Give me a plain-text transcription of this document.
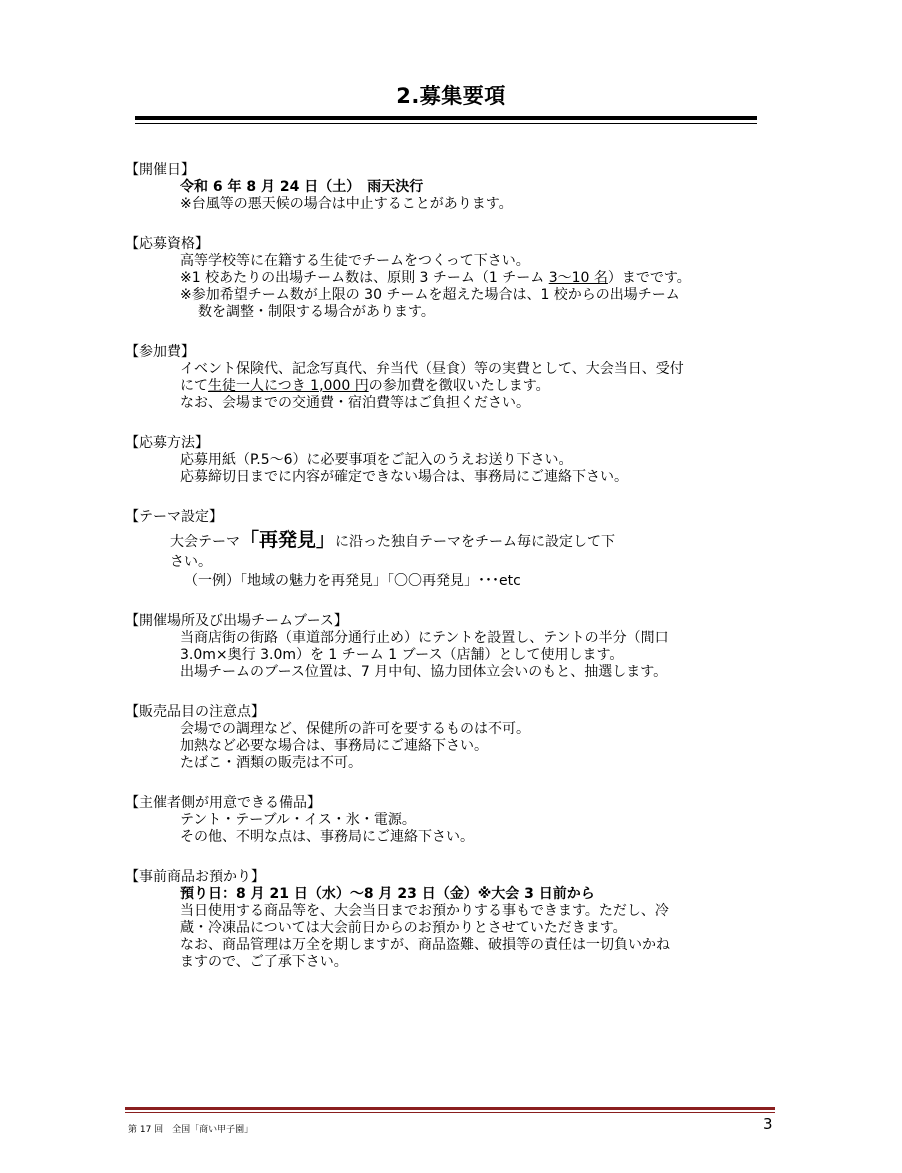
2.募集要項
【開催日】
令和 6 年 8 月 24 日（土）　雨天決行
※台風等の悪天候の場合は中止することがあります。
【応募資格】
高等学校等に在籍する生徒でチームをつくって下さい。
※1 校あたりの出場チーム数は、原則 3 チーム（1 チーム 3～10 名）までです。
※参加希望チーム数が上限の 30 チームを超えた場合は、1 校からの出場チーム
数を調整・制限する場合があります。
【参加費】
イベント保険代、記念写真代、弁当代（昼食）等の実費として、大会当日、受付
にて生徒一人につき 1,000 円の参加費を徴収いたします。
なお、会場までの交通費・宿泊費等はご負担ください。
【応募方法】
応募用紙（P.5～6）に必要事項をご記入のうえお送り下さい。
応募締切日までに内容が確定できない場合は、事務局にご連絡下さい。
【テーマ設定】
大会テーマ「再発見」に沿った独自テーマをチーム毎に設定して下
さい。
（一例）「地域の魅力を再発見」「〇〇再発見」･･･etc
【開催場所及び出場チームブース】
当商店街の街路（車道部分通行止め）にテントを設置し、テントの半分（間口
3.0m×奥行 3.0m）を 1 チーム 1 ブース（店舗）として使用します。
出場チームのブース位置は、7 月中旬、協力団体立会いのもと、抽選します。
【販売品目の注意点】
会場での調理など、保健所の許可を要するものは不可。
加熱など必要な場合は、事務局にご連絡下さい。
たばこ・酒類の販売は不可。
【主催者側が用意できる備品】
テント・テーブル・イス・氷・電源。
その他、不明な点は、事務局にご連絡下さい。
【事前商品お預かり】
預り日：8 月 21 日（水）～8 月 23 日（金）※大会 3 日前から
当日使用する商品等を、大会当日までお預かりする事もできます。ただし、冷
蔵・冷凍品については大会前日からのお預かりとさせていただきます。
なお、商品管理は万全を期しますが、商品盗難、破損等の責任は一切負いかね
ますので、ご了承下さい。
第 17 回　全国「商い甲子園」	3
